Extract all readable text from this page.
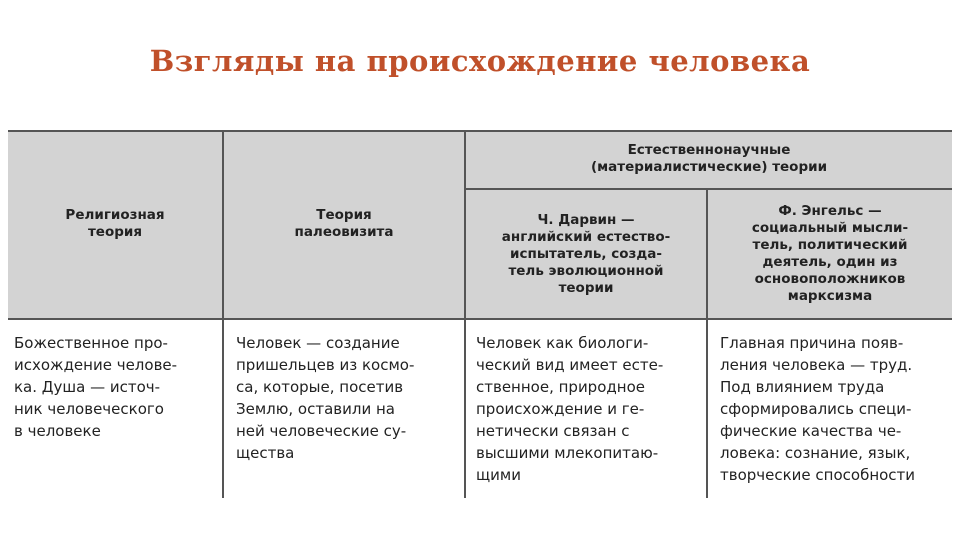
Взгляды на происхождение человека
Религиозная
теория
Теория
палеовизита
Естественнонаучные
(материалистические) теории
Ч. Дарвин —
английский естество-
испытатель, созда-
тель эволюционной
теории
Ф. Энгельс —
социальный мысли-
тель, политический
деятель, один из
основоположников
марксизма
Божественное про-
исхождение челове-
ка. Душа — источ-
ник человеческого
в человеке
Человек — создание
пришельцев из космо-
са, которые, посетив
Землю, оставили на
ней человеческие су-
щества
Человек как биологи-
ческий вид имеет есте-
ственное, природное
происхождение и ге-
нетически связан с
высшими млекопитаю-
щими
Главная причина появ-
ления человека — труд.
Под влиянием труда
сформировались специ-
фические качества че-
ловека: сознание, язык,
творческие способности
